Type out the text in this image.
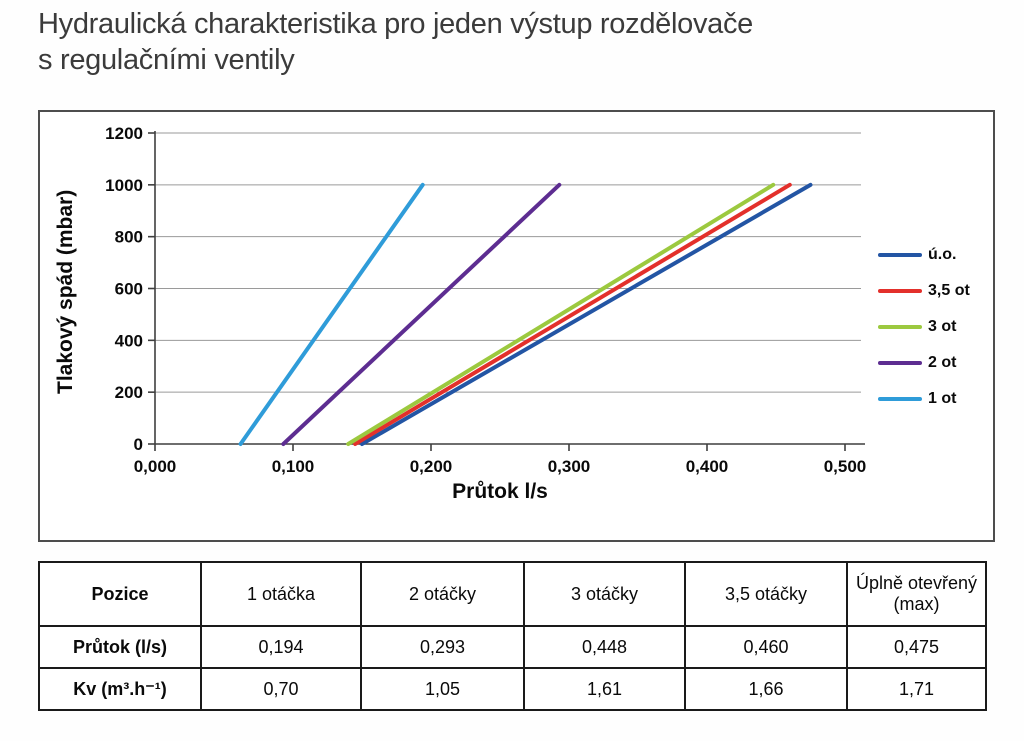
Hydraulická charakteristika pro jeden výstup rozdělovače
s regulačními ventily
0
200
400
600
800
1000
1200
0,000	0,100	0,200	0,300	0,400	0,500
Tlakový spád (mbar)
Průtok l/s
ú.o.
3,5 ot
3 ot
2 ot
1 ot
Pozice	1 otáčka	2 otáčky	3 otáčky	3,5 otáčky	Úplně otevřený (max)
Průtok (l/s)	0,194	0,293	0,448	0,460	0,475
Kv (m³.h⁻¹)	0,70	1,05	1,61	1,66	1,71
